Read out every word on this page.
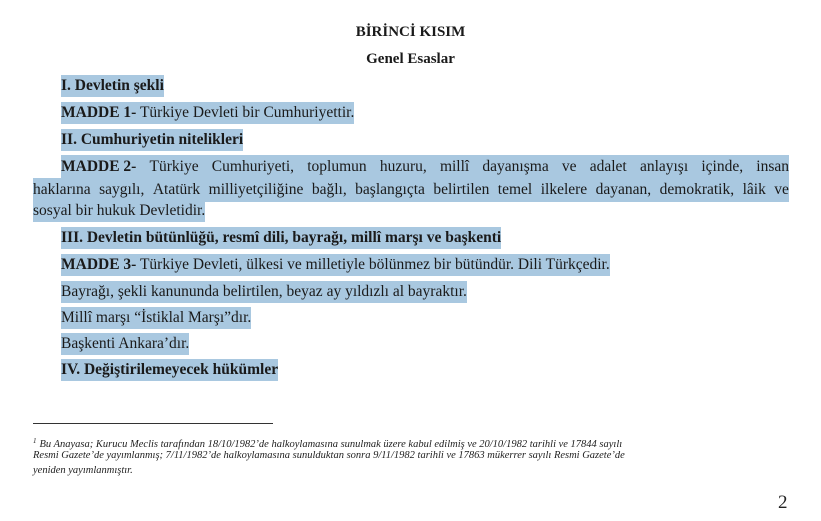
BİRİNCİ KISIM
Genel Esaslar
I. Devletin şekli
MADDE 1- Türkiye Devleti bir Cumhuriyettir.
II. Cumhuriyetin nitelikleri
MADDE 2- Türkiye Cumhuriyeti, toplumun huzuru, millî dayanışma ve adalet anlayışı içinde, insan
haklarına saygılı, Atatürk milliyetçiliğine bağlı, başlangıçta belirtilen temel ilkelere dayanan, demokratik, lâik ve
sosyal bir hukuk Devletidir.
III. Devletin bütünlüğü, resmî dili, bayrağı, millî marşı ve başkenti
MADDE 3- Türkiye Devleti, ülkesi ve milletiyle bölünmez bir bütündür. Dili Türkçedir.
Bayrağı, şekli kanununda belirtilen, beyaz ay yıldızlı al bayraktır.
Millî marşı “İstiklal Marşı”dır.
Başkenti Ankara’dır.
IV. Değiştirilemeyecek hükümler
$^1$ Bu Anayasa; Kurucu Meclis tarafından 18/10/1982’de halkoylamasına sunulmak üzere kabul edilmiş ve 20/10/1982 tarihli ve 17844 sayılı
Resmi Gazete’de yayımlanmış; 7/11/1982’de halkoylamasına sunulduktan sonra 9/11/1982 tarihli ve 17863 mükerrer sayılı Resmi Gazete’de
yeniden yayımlanmıştır.
2
